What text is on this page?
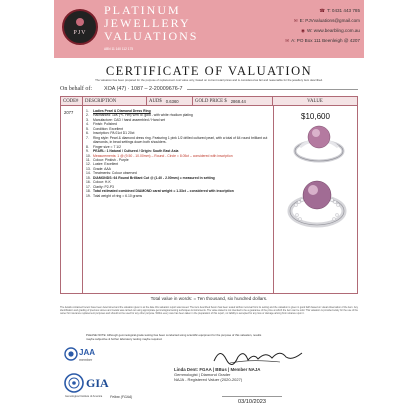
PJV
PLATINUM
JEWELLERY
VALUATIONS
ABN 11 140 112 175
☎ T: 0431 443 785
✉ E: PJVvaluations@gmail.com
◉ W: www.bearbling.com.au
✉ A: PO Box 111 Beenleigh @ 4207
CERTIFICATE OF VALUATION
The valuation has been prepared for the purpose of replacement cost value only, based on current retail prices and is considered as fair and reasonable for the jewellery item described.
On behalf of: XOA (47) · 1087 – 2-20009676-7
CODE#	DESCRIPTION	AUD$ 0.6360	GOLD PRICE $ 2868.44	VALUE
2077	$10,600
1.	Ladies Pearl & Diamond Dress Ring
2.	Hallmarked: 18K (+/- Hm) WHITE gold - with white rhodium plating
3.	Manufacture: CAD / hand assembled / Hand set
4.	Finish: Polished
5.	Condition: Excellent
6.	Inscription: PA 01ct D1 20ct
7.	Ring style: Pearl & diamond dress ring. Featuring 1 pink 1/2 drilled cultured pearl, with a total of 64 round brilliant cut diamonds, in bead settings down both shoulders.
8.	Finger size = 7 1/2
9.	PEARL: 1 Natural / Cultured / Origin: South East Asia
10. Measurements: 1 @ (9.50 - 10.00mm) – Round - Circle = 8.05ct – considered with inscription
11. Colour: Pinkish - Purple
12. Lustre: Excellent
13. Grade: AAA
14. Treatments: Colour observed
15. DIAMONDS: 64 Round Brilliant Cut @ (1.40 - 2.00mm) = measured in setting
16. Colour: H-K
17. Clarity: P2-P3
18. Total estimated combined DIAMOND carat weight = 1.33ct – considered with inscription
19. Total weight of ring = 6.10 grams
PLEASE NOTE: Although gemmological grade testing has been conducted using scientific equipment for the purpose of this valuation, results maybe subjective & further laboratory testing maybe required.
Total value in words: = Ten thousand, six hundred dollars.
The details contained herein have been determined and the valuation given is at the date this valuation report was issued. The item described herein has been tested without removal from its setting and the valuation is given in good faith based on visual observation of the item. Any identification and grading of precious stones and metals was carried out using appropriate gemmological testing techniques & instruments. The value stated is not intended to be a guarantee of the price at which the item can be sold. This valuation is provided solely for the use of the owner for insurance replacement purposes and should not be used for any other purpose. Whilst every care has been taken in the preparation of this report, no liability is accepted for any loss or damage arising from reliance upon it.
JAA
member
GIA
Gemological Institute of America Fellow (FGAA)
Linda Dent: FGAA | BBus | Member NAJA
Gemmologist | Diamond Grader
NAJA - Registered Valuer (2020-2027)
03/10/2023
